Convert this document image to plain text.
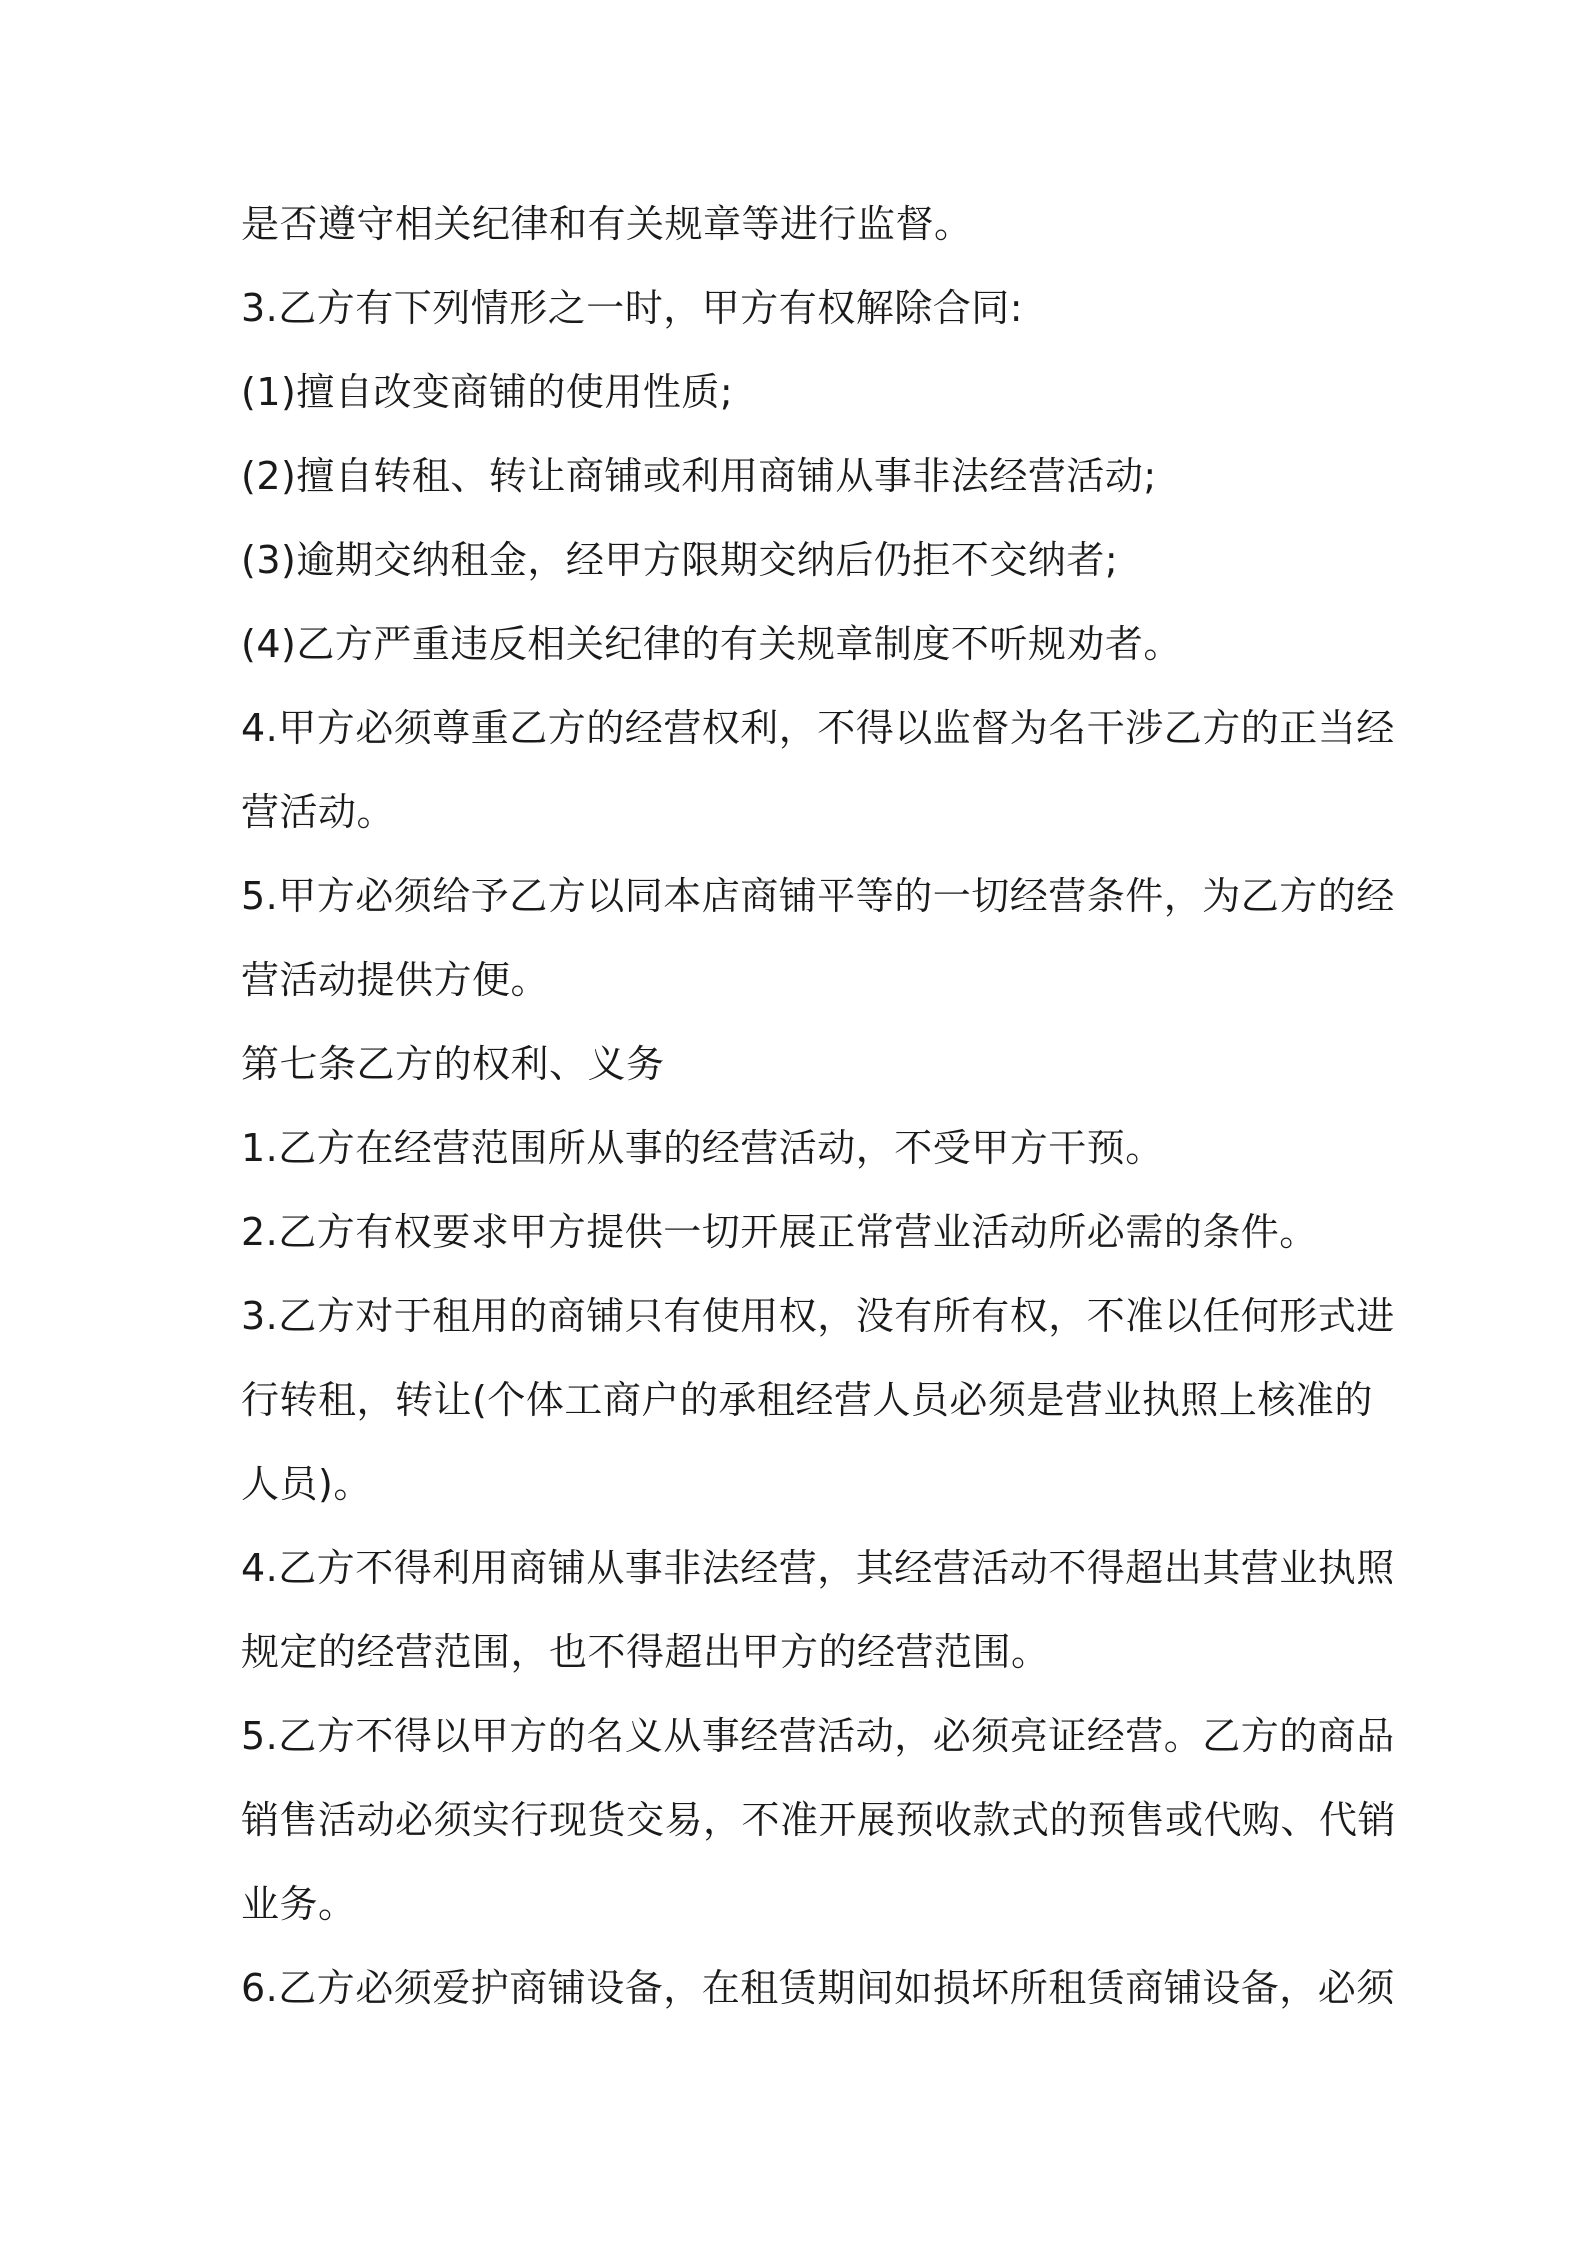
是否遵守相关纪律和有关规章等进行监督。
3.乙方有下列情形之一时，甲方有权解除合同:
(1)擅自改变商铺的使用性质;
(2)擅自转租、转让商铺或利用商铺从事非法经营活动;
(3)逾期交纳租金，经甲方限期交纳后仍拒不交纳者;
(4)乙方严重违反相关纪律的有关规章制度不听规劝者。
4.甲方必须尊重乙方的经营权利，不得以监督为名干涉乙方的正当经
营活动。
5.甲方必须给予乙方以同本店商铺平等的一切经营条件，为乙方的经
营活动提供方便。
第七条乙方的权利、义务
1.乙方在经营范围所从事的经营活动，不受甲方干预。
2.乙方有权要求甲方提供一切开展正常营业活动所必需的条件。
3.乙方对于租用的商铺只有使用权，没有所有权，不准以任何形式进
行转租，转让(个体工商户的承租经营人员必须是营业执照上核准的
人员)。
4.乙方不得利用商铺从事非法经营，其经营活动不得超出其营业执照
规定的经营范围，也不得超出甲方的经营范围。
5.乙方不得以甲方的名义从事经营活动，必须亮证经营。乙方的商品
销售活动必须实行现货交易，不准开展预收款式的预售或代购、代销
业务。
6.乙方必须爱护商铺设备，在租赁期间如损坏所租赁商铺设备，必须
